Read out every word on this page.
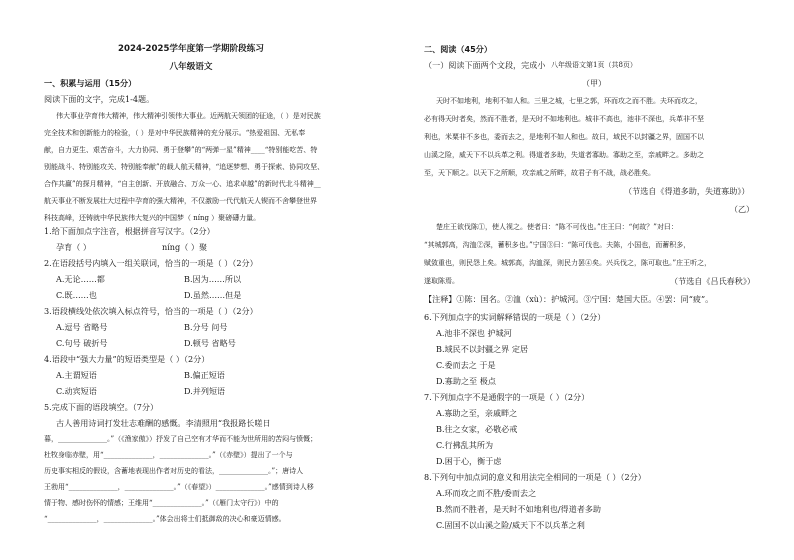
2024-2025学年度第一学期阶段练习
八年级语文
一、积累与运用（15分）
阅读下面的文字，完成1-4题。
伟大事业孕育伟大精神，伟大精神引领伟大事业。近两航天领团的征途，（ ）是对民族
完全技术和创新能力的检验，（ ）是对中华民族精神的充分展示。“热爱祖国、无私奉
献，自力更生、艰苦奋斗，大力协同、勇于登攀”的“两弹一星”精神____“特别能吃苦、特
别能战斗、特别能攻关、特别能奉献”的载人航天精神，“追逐梦想、勇于探索、协同攻坚、
合作共赢”的探月精神，“自主创新、开放融合、万众一心、追求卓越”的新时代北斗精神__
航天事业不断发展壮大过程中孕育的强大精神，不仅激励一代代航天人锲而不舍攀登世界
科技高峰，还铸就中华民族伟大复兴的中国梦（ níng ）聚磅礴力量。
1.给下面加点字注音，根据拼音写汉字。（2分）
孕育（ ）	níng（ ）聚
2.在语段括号内填入一组关联词，恰当的一项是（ ）（2分）
A.无论……都	B.因为……所以
C.既……也	D.虽然……但是
3.语段横线处依次填入标点符号，恰当的一项是（ ）（2分）
A.逗号 省略号	B.分号 问号
C.句号 破折号	D.顿号 省略号
4.语段中“强大力量”的短语类型是（ ）（2分）
A.主谓短语	B.偏正短语
C.动宾短语	D.并列短语
5.完成下面的语段填空。（7分）
古人善用诗词打发壮志难酬的感慨。李清照用“我报路长嗟日
暮，______________。”（《渔家傲》）抒发了自己空有才华而不能为世所用的苦闷与愤慨；
杜牧身临赤壁，用“______________，______________。”（《赤壁》）提出了一个与
历史事实相反的假设，含蓄地表现出作者对历史的看法，______________。”；唐诗人
王勃用“______________，______________。”（《春望》）______________。”感情到诗人移
情于物、感时伤怀的情感；王维用“______________。”（《雁门太守行》）中的
“______________，______________。”体会出将士们抵御敌的决心和豪迈情感。
二、阅读（45分）
（一）阅读下面两个文段，完成小 八年级语文第1页（共8页）
（甲）
天时不如地利，地利不如人和。三里之城，七里之郭，环而攻之而不胜。夫环而攻之，
必有得天时者矣，然而不胜者，是天时不如地利也。城非不高也，池非不深也，兵革非不坚
利也，米粟非不多也，委而去之，是地利不如人和也。故曰，域民不以封疆之界，固国不以
山溪之险，威天下不以兵革之利。得道者多助，失道者寡助。寡助之至，亲戚畔之。多助之
至，天下顺之。以天下之所顺，攻亲戚之所畔，故君子有不战，战必胜矣。
（节选自《得道多助，失道寡助》）
（乙）
楚庄王欲伐陈①，使人视之。使者曰：“陈不可伐也。”庄王曰：“何故？”对曰：
“其城郭高，沟洫②深，蓄积多也。”宁国③曰：“陈可伐也。夫陈，小国也，而蓄积多，
赋敛重也，则民怨上矣。城郭高，沟洫深，则民力罢④矣。兴兵伐之，陈可取也。”庄王听之，
遂取陈焉。	（节选自《吕氏春秋》）
【注释】①陈：国名。②洫（xù）：护城河。③宁国：楚国大臣。④罢：同“疲”。
6.下列加点字的实词解释错误的一项是（ ）（2分）
A.池非不深也 护城河
B.域民不以封疆之界 定居
C.委而去之 于是
D.寡助之至 极点
7.下列加点字不是通假字的一项是（ ）（2分）
A.寡助之至，亲戚畔之
B.往之女家，必敬必戒
C.行拂乱其所为
D.困于心，衡于虑
8.下列句中加点词的意义和用法完全相同的一项是（ ）（2分）
A.环而攻之而不胜/委而去之
B.然而不胜者，是天时不如地利也/得道者多助
C.固国不以山溪之险/威天下不以兵革之利
